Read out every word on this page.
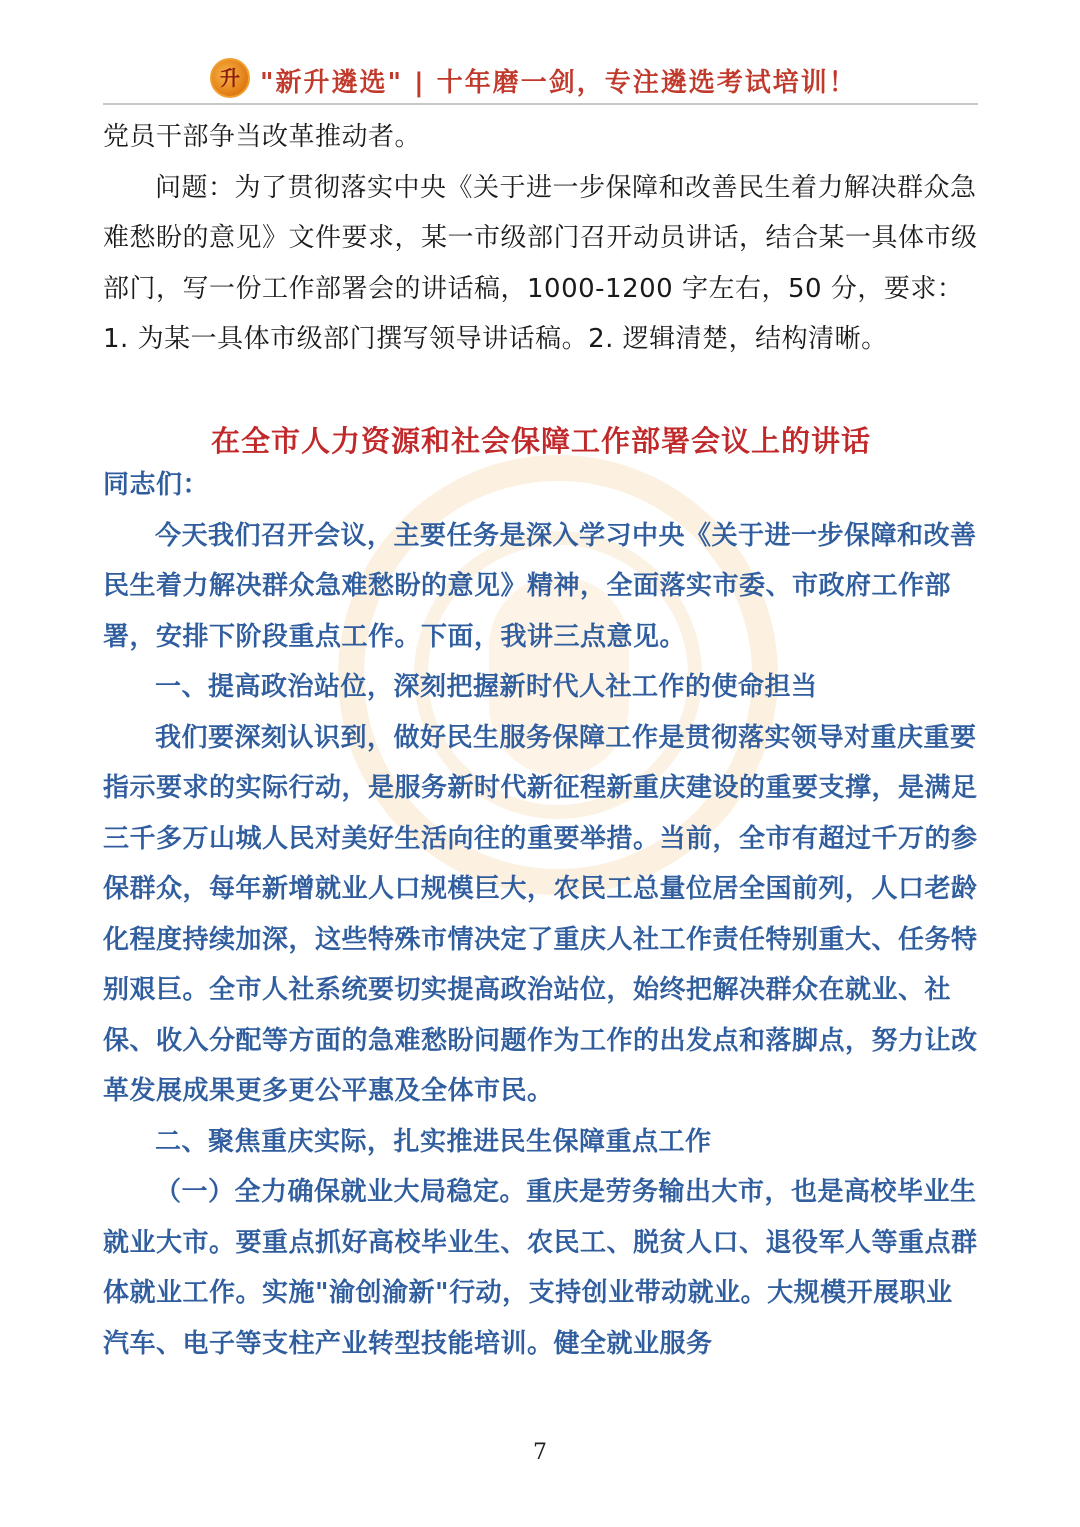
升 "新升遴选" | 十年磨一剑，专注遴选考试培训！
党员干部争当改革推动者。
问题：为了贯彻落实中央《关于进一步保障和改善民生着力解决群众急难愁盼的意见》文件要求，某一市级部门召开动员讲话，结合某一具体市级部门，写一份工作部署会的讲话稿，1000-1200 字左右，50 分，要求：1. 为某一具体市级部门撰写领导讲话稿。2. 逻辑清楚，结构清晰。
在全市人力资源和社会保障工作部署会议上的讲话

同志们：

今天我们召开会议，主要任务是深入学习中央《关于进一步保障和改善民生着力解决群众急难愁盼的意见》精神，全面落实市委、市政府工作部署，安排下阶段重点工作。下面，我讲三点意见。

一、提高政治站位，深刻把握新时代人社工作的使命担当

我们要深刻认识到，做好民生服务保障工作是贯彻落实领导对重庆重要指示要求的实际行动，是服务新时代新征程新重庆建设的重要支撑，是满足三千多万山城人民对美好生活向往的重要举措。当前，全市有超过千万的参保群众，每年新增就业人口规模巨大，农民工总量位居全国前列，人口老龄化程度持续加深，这些特殊市情决定了重庆人社工作责任特别重大、任务特别艰巨。全市人社系统要切实提高政治站位，始终把解决群众在就业、社保、收入分配等方面的急难愁盼问题作为工作的出发点和落脚点，努力让改革发展成果更多更公平惠及全体市民。

二、聚焦重庆实际，扎实推进民生保障重点工作

（一）全力确保就业大局稳定。重庆是劳务输出大市，也是高校毕业生就业大市。要重点抓好高校毕业生、农民工、脱贫人口、退役军人等重点群体就业工作。实施"渝创渝新"行动，支持创业带动就业。大规模开展职业汽车、电子等支柱产业转型技能培训。健全就业服务

7
